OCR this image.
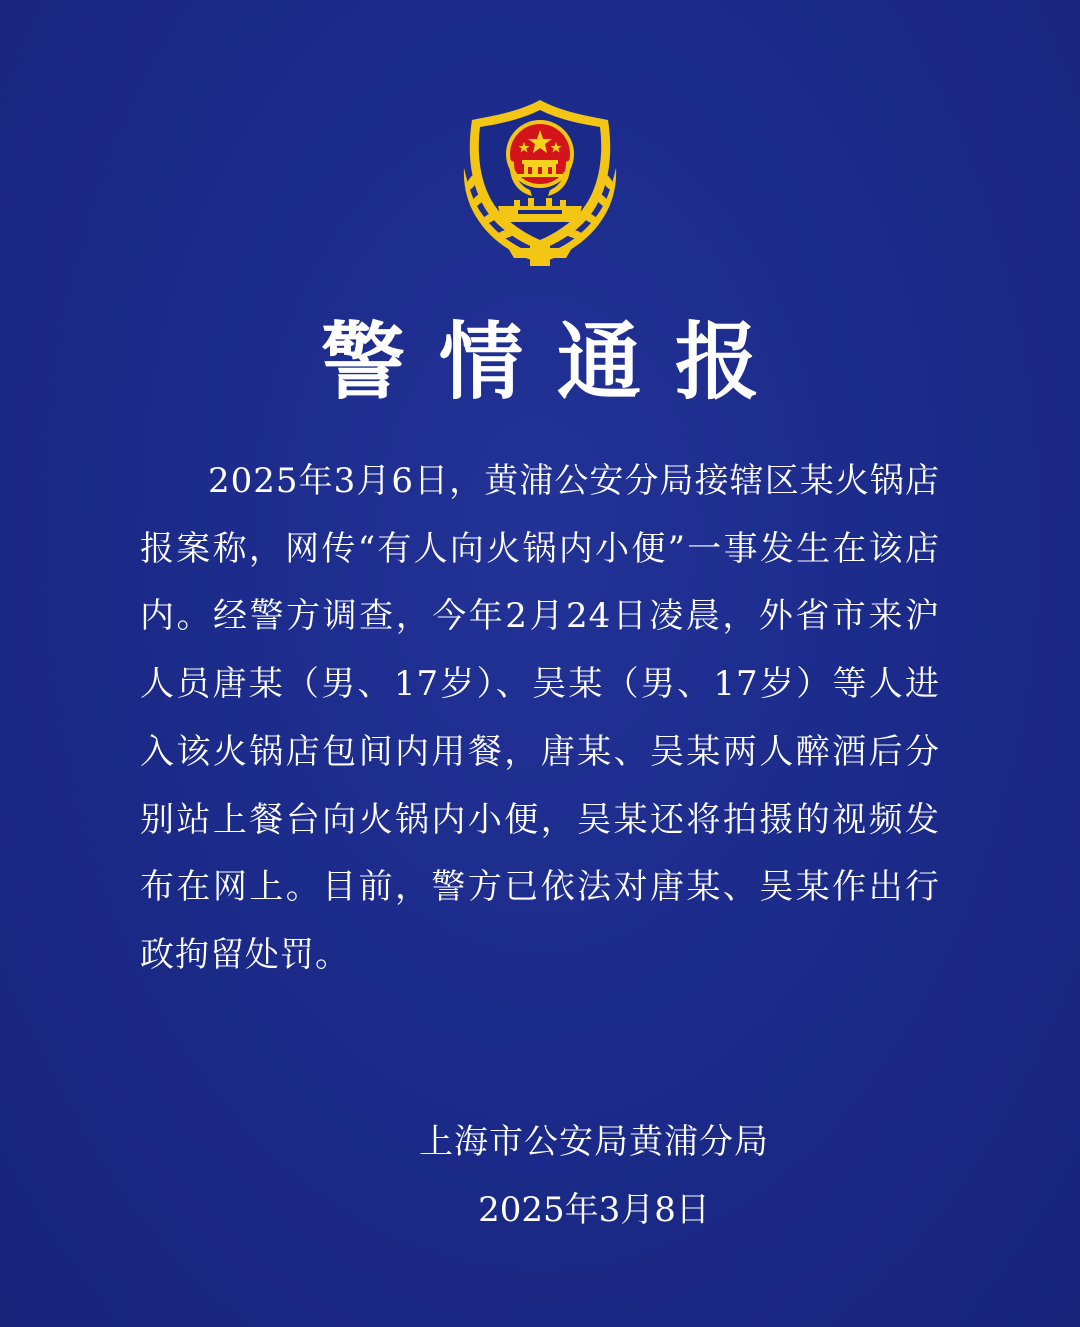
警情通报

2025年3月6日，黄浦公安分局接辖区某火锅店报案称，网传“有人向火锅内小便”一事发生在该店内。经警方调查，今年2月24日凌晨，外省市来沪人员唐某（男、17岁）、吴某（男、17岁）等人进入该火锅店包间内用餐，唐某、吴某两人醉酒后分别站上餐台向火锅内小便，吴某还将拍摄的视频发布在网上。目前，警方已依法对唐某、吴某作出行政拘留处罚。

上海市公安局黄浦分局
2025年3月8日
